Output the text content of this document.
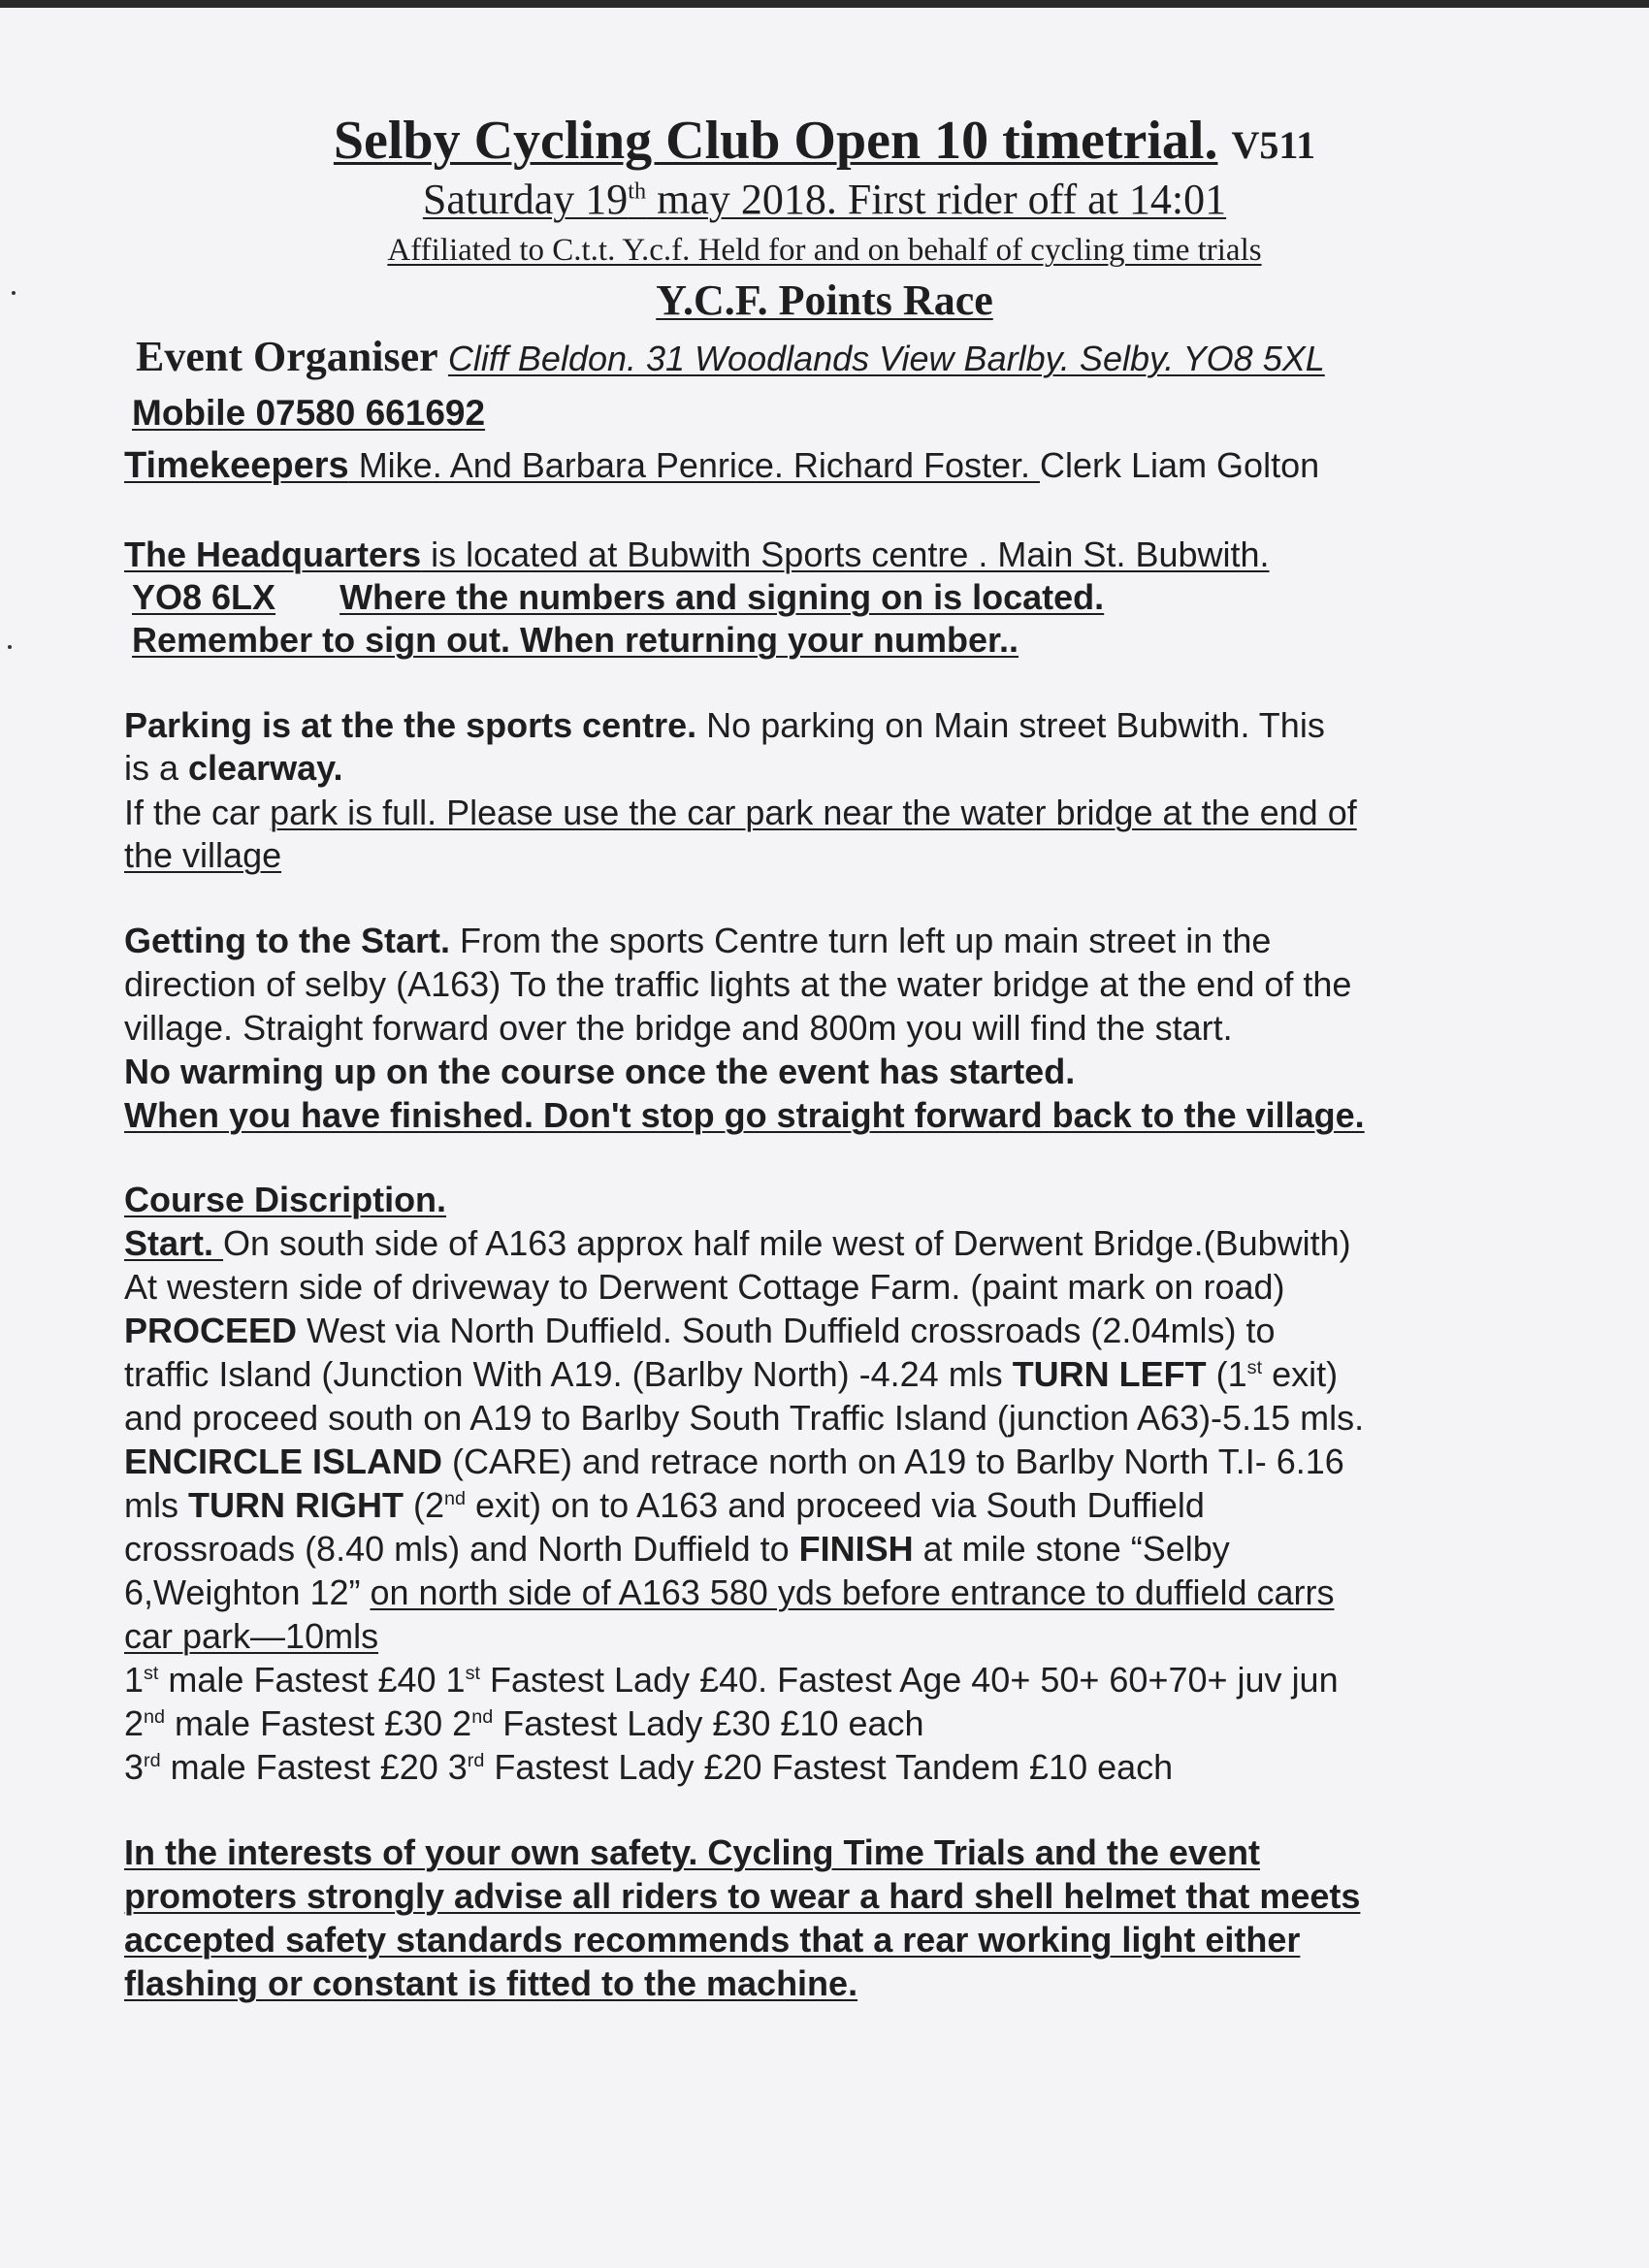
Selby Cycling Club Open 10 timetrial. V511
Saturday 19th may 2018. First rider off at 14:01
Affiliated to C.t.t. Y.c.f. Held for and on behalf of cycling time trials
Y.C.F. Points Race
Event Organiser Cliff Beldon. 31 Woodlands View Barlby. Selby. YO8 5XL
Mobile 07580 661692
Timekeepers Mike. And Barbara Penrice. Richard Foster. Clerk Liam Golton
The Headquarters is located at Bubwith Sports centre . Main St. Bubwith.
YO8 6LX Where the numbers and signing on is located.
Remember to sign out. When returning your number..
Parking is at the the sports centre. No parking on Main street Bubwith. This
is a clearway.
If the car park is full. Please use the car park near the water bridge at the end of
the village
Getting to the Start. From the sports Centre turn left up main street in the
direction of selby (A163) To the traffic lights at the water bridge at the end of the
village. Straight forward over the bridge and 800m you will find the start.
No warming up on the course once the event has started.
When you have finished. Don't stop go straight forward back to the village.
Course Discription.
Start. On south side of A163 approx half mile west of Derwent Bridge.(Bubwith)
At western side of driveway to Derwent Cottage Farm. (paint mark on road)
PROCEED West via North Duffield. South Duffield crossroads (2.04mls) to
traffic Island (Junction With A19. (Barlby North) -4.24 mls TURN LEFT (1st exit)
and proceed south on A19 to Barlby South Traffic Island (junction A63)-5.15 mls.
ENCIRCLE ISLAND (CARE) and retrace north on A19 to Barlby North T.I- 6.16
mls TURN RIGHT (2nd exit) on to A163 and proceed via South Duffield
crossroads (8.40 mls) and North Duffield to FINISH at mile stone “Selby
6,Weighton 12” on north side of A163 580 yds before entrance to duffield carrs
car park—10mls
1st male Fastest £40 1st Fastest Lady £40. Fastest Age 40+ 50+ 60+70+ juv jun
2nd male Fastest £30 2nd Fastest Lady £30 £10 each
3rd male Fastest £20 3rd Fastest Lady £20 Fastest Tandem £10 each
In the interests of your own safety. Cycling Time Trials and the event
promoters strongly advise all riders to wear a hard shell helmet that meets
accepted safety standards recommends that a rear working light either
flashing or constant is fitted to the machine.
